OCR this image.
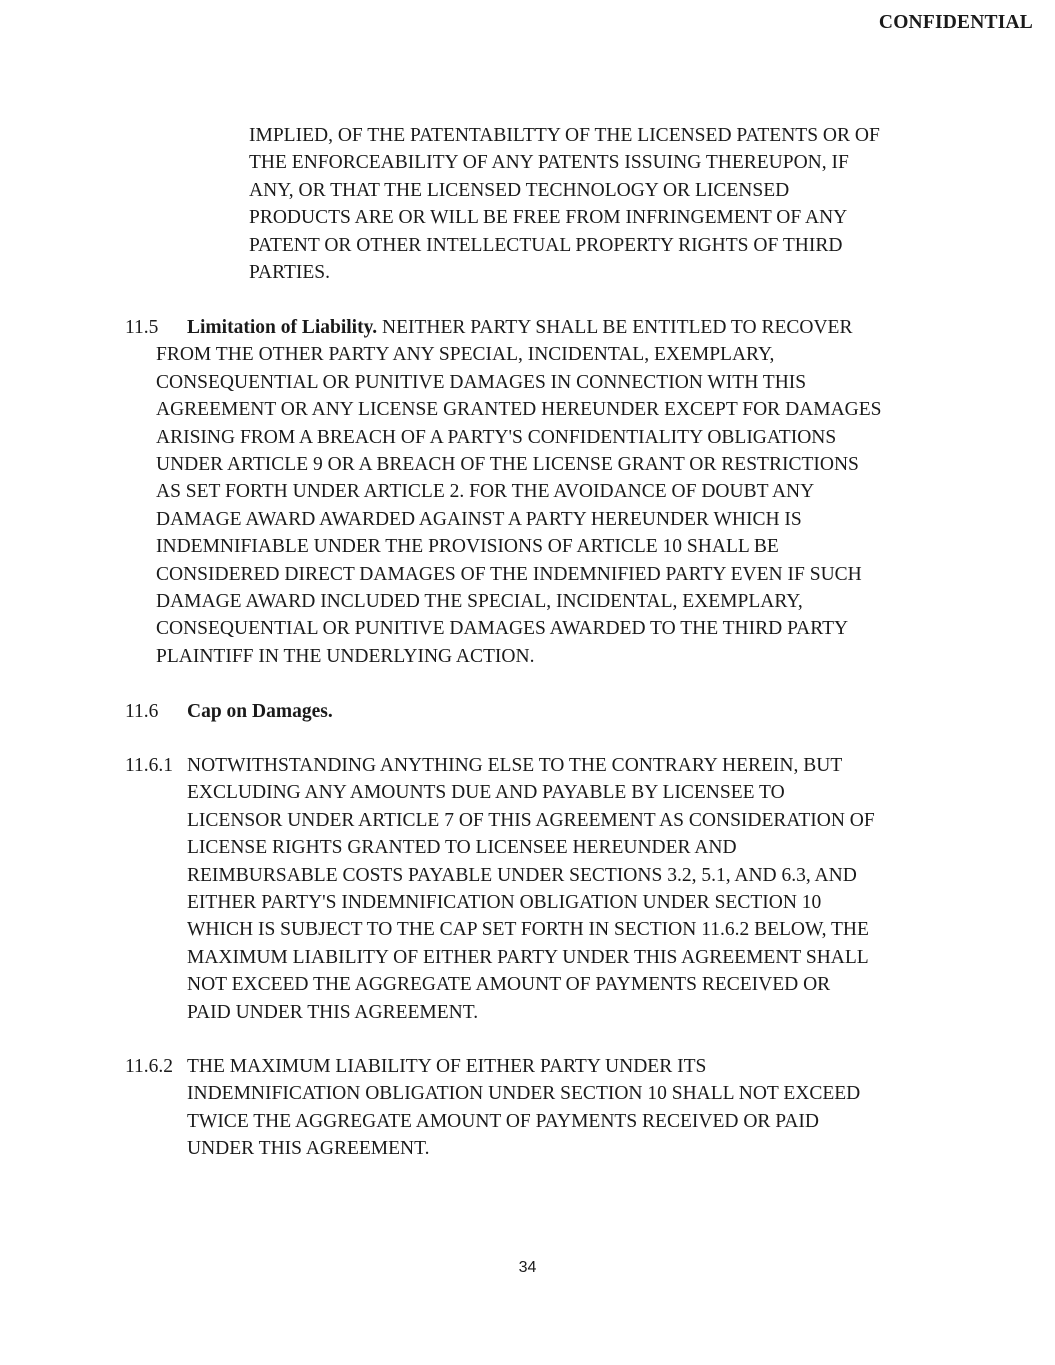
CONFIDENTIAL
IMPLIED, OF THE PATENTABILTTY OF THE LICENSED PATENTS OR OF
THE ENFORCEABILITY OF ANY PATENTS ISSUING THEREUPON, IF
ANY, OR THAT THE LICENSED TECHNOLOGY OR LICENSED
PRODUCTS ARE OR WILL BE FREE FROM INFRINGEMENT OF ANY
PATENT OR OTHER INTELLECTUAL PROPERTY RIGHTS OF THIRD
PARTIES.
11.5 Limitation of Liability. NEITHER PARTY SHALL BE ENTITLED TO RECOVER
FROM THE OTHER PARTY ANY SPECIAL, INCIDENTAL, EXEMPLARY,
CONSEQUENTIAL OR PUNITIVE DAMAGES IN CONNECTION WITH THIS
AGREEMENT OR ANY LICENSE GRANTED HEREUNDER EXCEPT FOR DAMAGES
ARISING FROM A BREACH OF A PARTY'S CONFIDENTIALITY OBLIGATIONS
UNDER ARTICLE 9 OR A BREACH OF THE LICENSE GRANT OR RESTRICTIONS
AS SET FORTH UNDER ARTICLE 2. FOR THE AVOIDANCE OF DOUBT ANY
DAMAGE AWARD AWARDED AGAINST A PARTY HEREUNDER WHICH IS
INDEMNIFIABLE UNDER THE PROVISIONS OF ARTICLE 10 SHALL BE
CONSIDERED DIRECT DAMAGES OF THE INDEMNIFIED PARTY EVEN IF SUCH
DAMAGE AWARD INCLUDED THE SPECIAL, INCIDENTAL, EXEMPLARY,
CONSEQUENTIAL OR PUNITIVE DAMAGES AWARDED TO THE THIRD PARTY
PLAINTIFF IN THE UNDERLYING ACTION.
11.6 Cap on Damages.
11.6.1 NOTWITHSTANDING ANYTHING ELSE TO THE CONTRARY HEREIN, BUT
EXCLUDING ANY AMOUNTS DUE AND PAYABLE BY LICENSEE TO
LICENSOR UNDER ARTICLE 7 OF THIS AGREEMENT AS CONSIDERATION OF
LICENSE RIGHTS GRANTED TO LICENSEE HEREUNDER AND
REIMBURSABLE COSTS PAYABLE UNDER SECTIONS 3.2, 5.1, AND 6.3, AND
EITHER PARTY'S INDEMNIFICATION OBLIGATION UNDER SECTION 10
WHICH IS SUBJECT TO THE CAP SET FORTH IN SECTION 11.6.2 BELOW, THE
MAXIMUM LIABILITY OF EITHER PARTY UNDER THIS AGREEMENT SHALL
NOT EXCEED THE AGGREGATE AMOUNT OF PAYMENTS RECEIVED OR
PAID UNDER THIS AGREEMENT.
11.6.2 THE MAXIMUM LIABILITY OF EITHER PARTY UNDER ITS
INDEMNIFICATION OBLIGATION UNDER SECTION 10 SHALL NOT EXCEED
TWICE THE AGGREGATE AMOUNT OF PAYMENTS RECEIVED OR PAID
UNDER THIS AGREEMENT.
34
